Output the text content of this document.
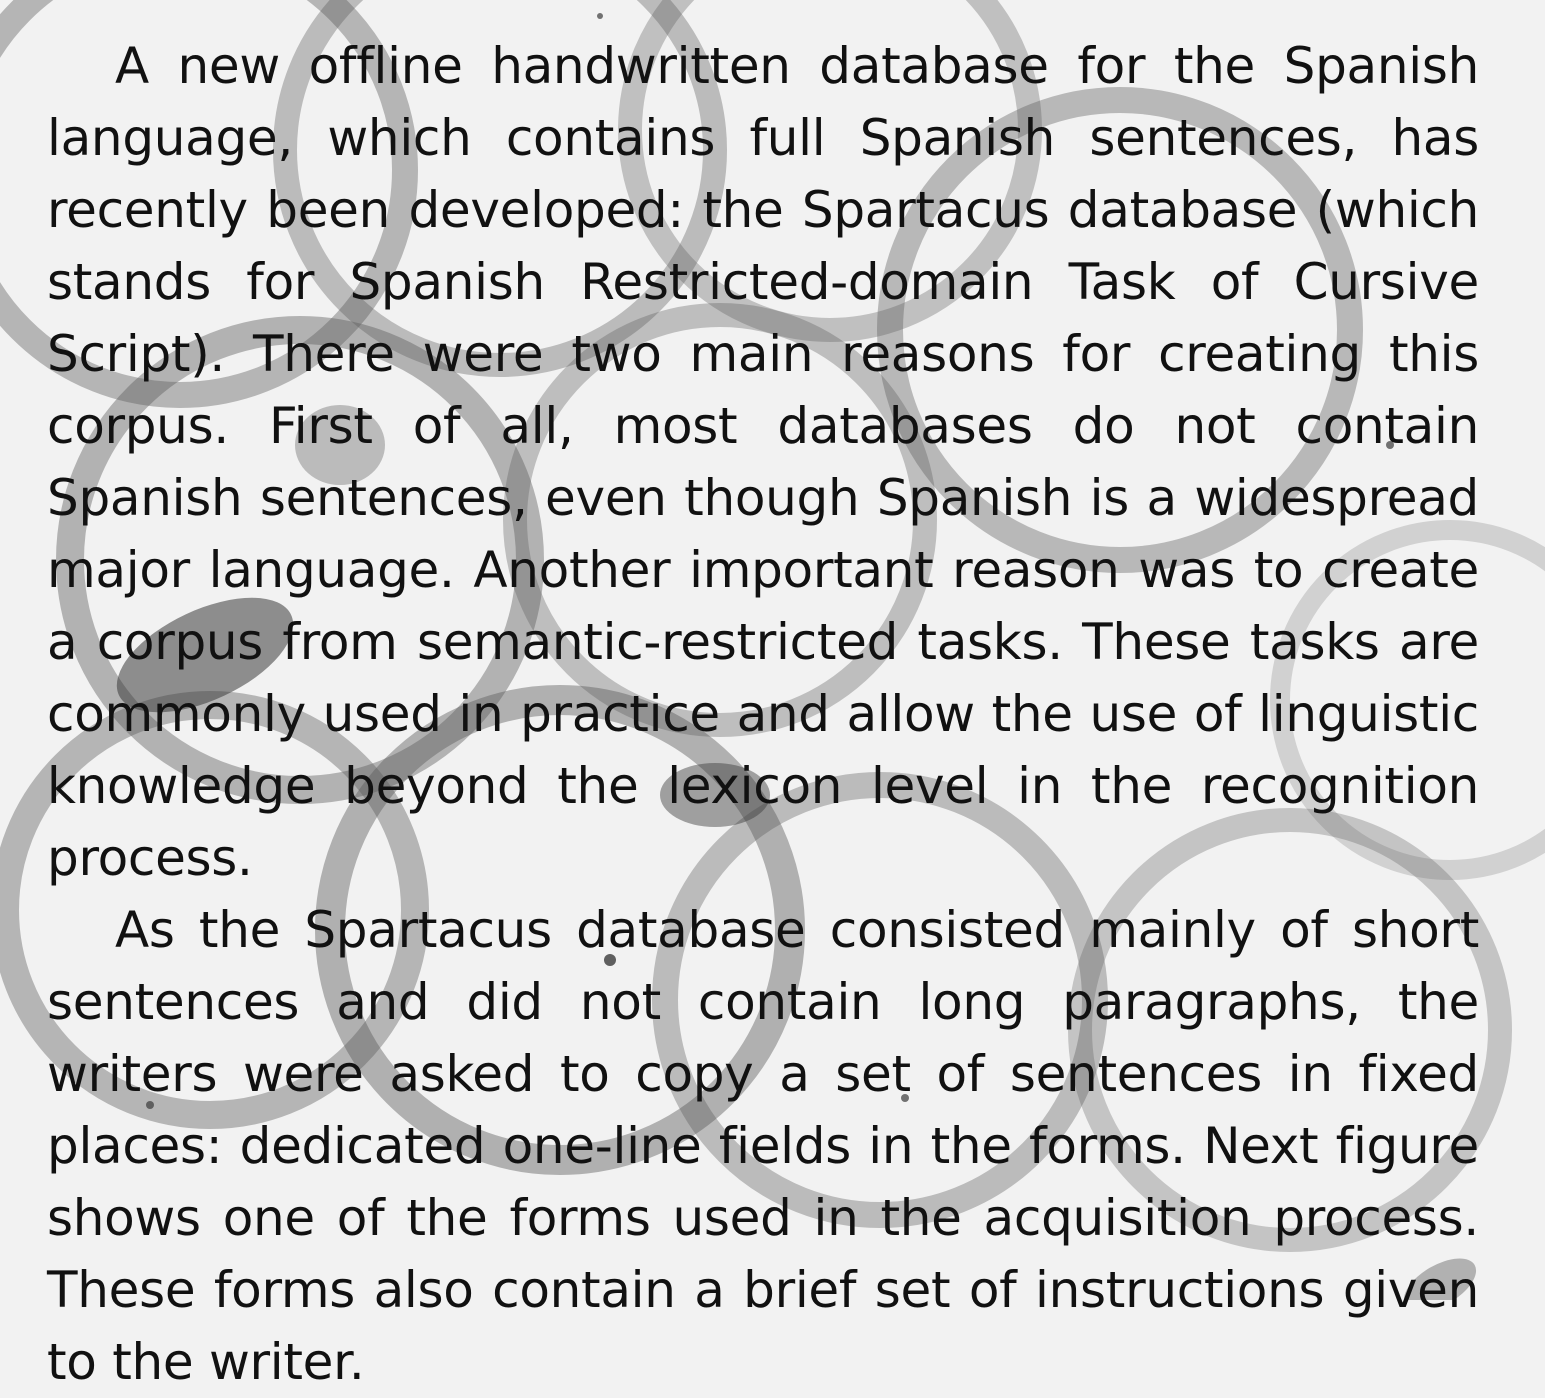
A new offline handwritten database for the Spanish language, which contains full Spanish sentences, has recently been developed: the Spartacus database (which stands for Spanish Restricted-domain Task of Cursive Script). There were two main reasons for creating this corpus. First of all, most databases do not contain Spanish sentences, even though Spanish is a widespread major language. Another important reason was to create a corpus from semantic-restricted tasks. These tasks are commonly used in practice and allow the use of linguistic knowledge beyond the lexicon level in the recognition process.

As the Spartacus database consisted mainly of short sentences and did not contain long paragraphs, the writers were asked to copy a set of sentences in fixed places: dedicated one-line fields in the forms. Next figure shows one of the forms used in the acquisition process. These forms also contain a brief set of instructions given to the writer.
